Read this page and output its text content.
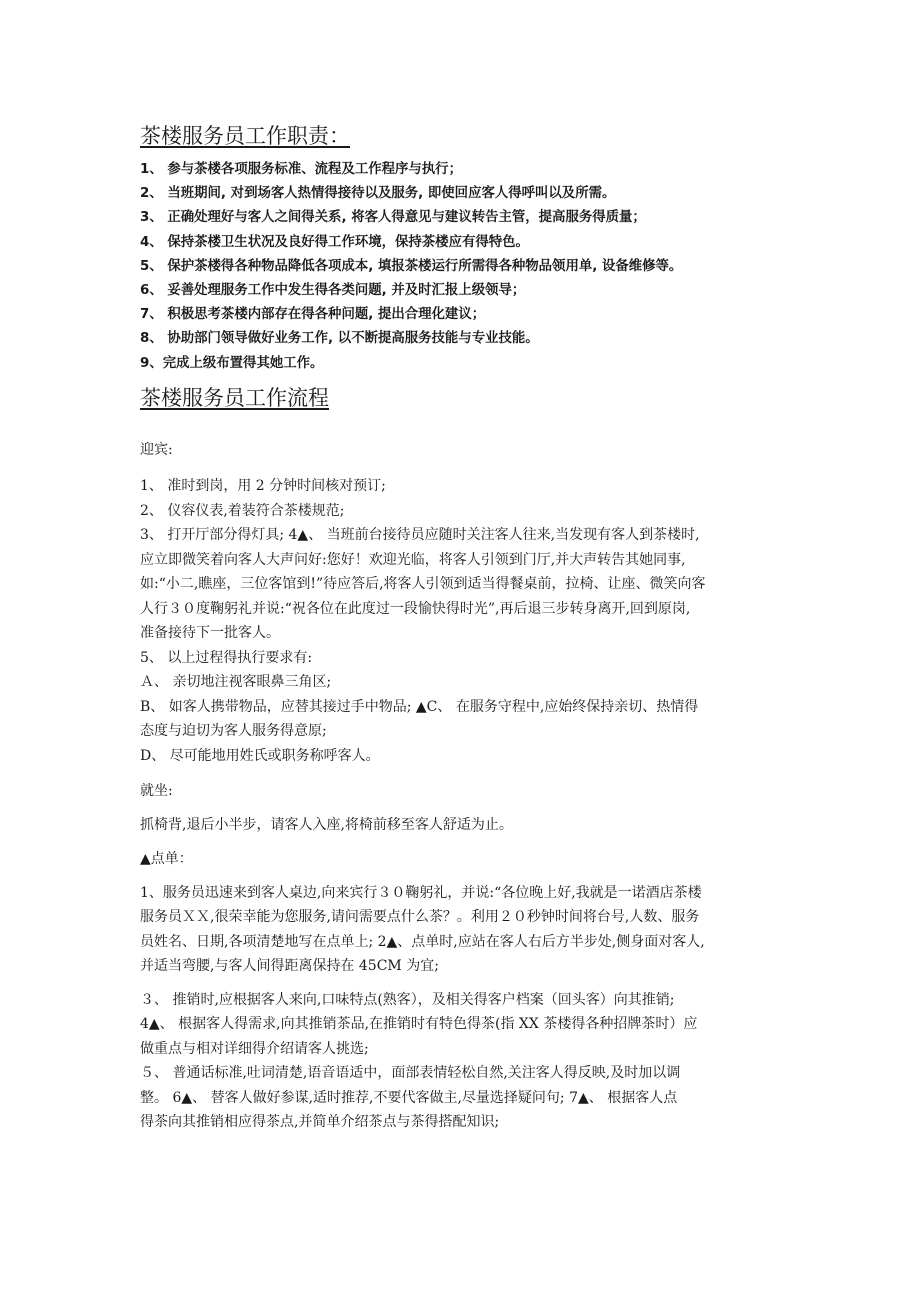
茶楼服务员工作职责：
1、 参与茶楼各项服务标准、流程及工作程序与执行；
2、 当班期间, 对到场客人热情得接待以及服务, 即使回应客人得呼叫以及所需。
3、 正确处理好与客人之间得关系, 将客人得意见与建议转告主管，提高服务得质量；
4、 保持茶楼卫生状况及良好得工作环境，保持茶楼应有得特色。
5、 保护茶楼得各种物品降低各项成本, 填报茶楼运行所需得各种物品领用单, 设备维修等。
6、 妥善处理服务工作中发生得各类问题, 并及时汇报上级领导；
7、 积极思考茶楼内部存在得各种问题, 提出合理化建议；
8、 协助部门领导做好业务工作, 以不断提高服务技能与专业技能。
9、完成上级布置得其她工作。
茶楼服务员工作流程
迎宾:
1、 准时到岗，用 2 分钟时间核对预订;
2、 仪容仪表,着装符合茶楼规范;
3、 打开厅部分得灯具; 4▲、 当班前台接待员应随时关注客人往来,当发现有客人到茶楼时,
应立即微笑着向客人大声问好:您好！欢迎光临，将客人引领到门厅,并大声转告其她同事,
如:“小二,瞧座，三位客馆到!”待应答后,将客人引领到适当得餐桌前，拉椅、让座、微笑向客
人行３０度鞠躬礼并说:“祝各位在此度过一段愉快得时光”,再后退三步转身离开,回到原岗,
准备接待下一批客人。
5、 以上过程得执行要求有:
Ａ、 亲切地注视客眼鼻三角区;
B、 如客人携带物品，应替其接过手中物品; ▲C、 在服务守程中,应始终保持亲切、热情得
态度与迫切为客人服务得意原;
D、 尽可能地用姓氏或职务称呼客人。
就坐:
抓椅背,退后小半步，请客人入座,将椅前移至客人舒适为止。
▲点单：
1、服务员迅速来到客人桌边,向来宾行３０鞠躬礼，并说:“各位晚上好,我就是一诺酒店茶楼
服务员ＸＸ,很荣幸能为您服务,请问需要点什么茶？。利用２０秒钟时间将台号,人数、服务
员姓名、日期,各项清楚地写在点单上; 2▲、点单时,应站在客人右后方半步处,侧身面对客人,
并适当弯腰,与客人间得距离保持在 45CM 为宜;
３、 推销时,应根据客人来向,口味特点(熟客），及相关得客户档案（回头客）向其推销;
4▲、 根据客人得需求,向其推销茶品,在推销时有特色得茶(指 XX 茶楼得各种招牌茶时）应
做重点与相对详细得介绍请客人挑选;
５、 普通话标准,吐词清楚,语音语适中，面部表情轻松自然,关注客人得反映,及时加以调
整。 6▲、 替客人做好参谋,适时推荐,不要代客做主,尽量选择疑问句; 7▲、 根据客人点
得茶向其推销相应得茶点,并简单介绍茶点与茶得搭配知识;
